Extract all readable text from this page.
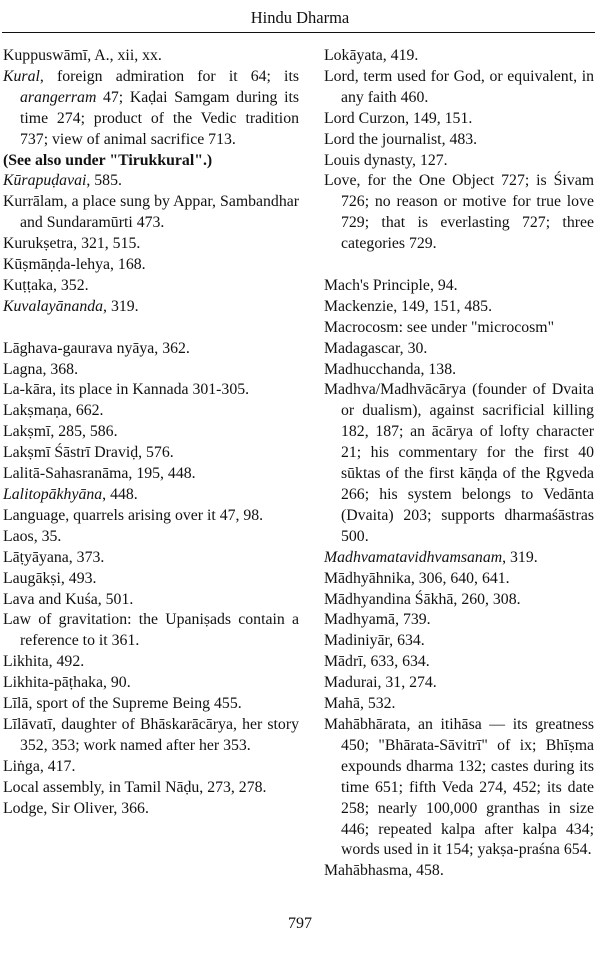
Hindu Dharma

Kuppuswāmī, A., xii, xx.

Kural, foreign admiration for it 64; its arangerram 47; Kaḍai Samgam during its time 274; product of the Vedic tradition 737; view of animal sacrifice 713.

(See also under "Tirukkural".)

Kūrapuḍavai, 585.

Kurrālam, a place sung by Appar, Sambandhar and Sundaramūrti 473.

Kurukṣetra, 321, 515.

Kūṣmāṇḍa-lehya, 168.

Kuṭṭaka, 352.

Kuvalayānanda, 319.

Lāghava-gaurava nyāya, 362.

Lagna, 368.

La-kāra, its place in Kannada 301-305.

Lakṣmaṇa, 662.

Lakṣmī, 285, 586.

Lakṣmī Śāstrī Draviḍ, 576.

Lalitā-Sahasranāma, 195, 448.

Lalitopākhyāna, 448.

Language, quarrels arising over it 47, 98.

Laos, 35.

Lāṭyāyana, 373.

Laugākṣi, 493.

Lava and Kuśa, 501.

Law of gravitation: the Upaniṣads contain a reference to it 361.

Likhita, 492.

Likhita-pāṭhaka, 90.

Līlā, sport of the Supreme Being 455.

Līlāvatī, daughter of Bhāskarācārya, her story 352, 353; work named after her 353.

Liṅga, 417.

Local assembly, in Tamil Nāḍu, 273, 278.

Lodge, Sir Oliver, 366.

Lokāyata, 419.

Lord, term used for God, or equivalent, in any faith 460.

Lord Curzon, 149, 151.

Lord the journalist, 483.

Louis dynasty, 127.

Love, for the One Object 727; is Śivam 726; no reason or motive for true love 729; that is everlasting 727; three categories 729.

Mach's Principle, 94.

Mackenzie, 149, 151, 485.

Macrocosm: see under "microcosm"

Madagascar, 30.

Madhucchanda, 138.

Madhva/Madhvācārya (founder of Dvaita or dualism), against sacrificial killing 182, 187; an ācārya of lofty character 21; his commentary for the first 40 sūktas of the first kāṇḍa of the Ṛgveda 266; his system belongs to Vedānta (Dvaita) 203; supports dharmaśāstras 500.

Madhvamatavidhvamsanam, 319.

Mādhyāhnika, 306, 640, 641.

Mādhyandina Śākhā, 260, 308.

Madhyamā, 739.

Madiniyār, 634.

Mādrī, 633, 634.

Madurai, 31, 274.

Mahā, 532.

Mahābhārata, an itihāsa — its greatness 450; "Bhārata-Sāvitrī" of ix; Bhīṣma expounds dharma 132; castes during its time 651; fifth Veda 274, 452; its date 258; nearly 100,000 granthas in size 446; repeated kalpa after kalpa 434; words used in it 154; yakṣa-praśna 654.

Mahābhasma, 458.

797
